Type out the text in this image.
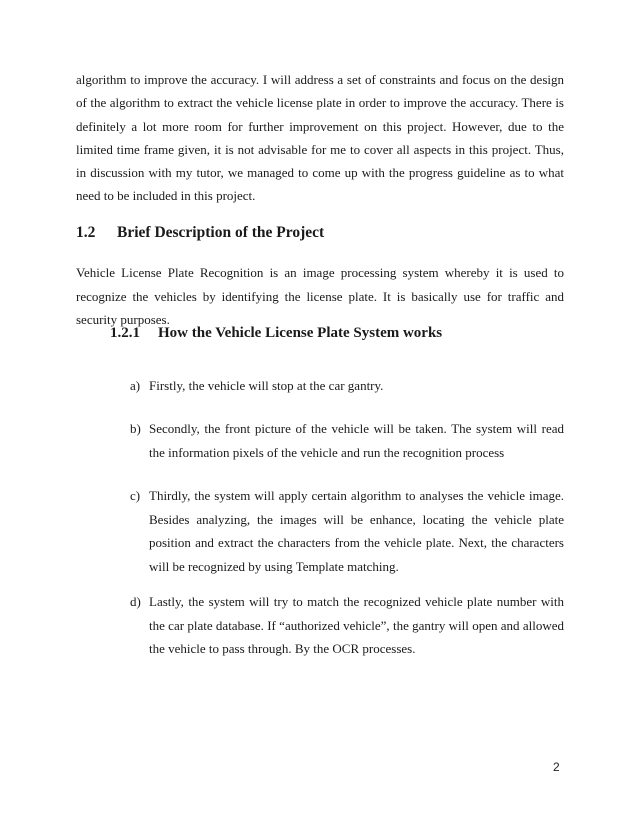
algorithm to improve the accuracy. I will address a set of constraints and focus on the design of the algorithm to extract the vehicle license plate in order to improve the accuracy. There is definitely a lot more room for further improvement on this project. However, due to the limited time frame given, it is not advisable for me to cover all aspects in this project. Thus, in discussion with my tutor, we managed to come up with the progress guideline as to what need to be included in this project.

1.2 Brief Description of the Project

Vehicle License Plate Recognition is an image processing system whereby it is used to recognize the vehicles by identifying the license plate. It is basically use for traffic and security purposes.

1.2.1 How the Vehicle License Plate System works
a) Firstly, the vehicle will stop at the car gantry.
b) Secondly, the front picture of the vehicle will be taken. The system will read the information pixels of the vehicle and run the recognition process
c) Thirdly, the system will apply certain algorithm to analyses the vehicle image. Besides analyzing, the images will be enhance, locating the vehicle plate position and extract the characters from the vehicle plate. Next, the characters will be recognized by using Template matching.
d) Lastly, the system will try to match the recognized vehicle plate number with the car plate database. If “authorized vehicle”, the gantry will open and allowed the vehicle to pass through. By the OCR processes.

2
